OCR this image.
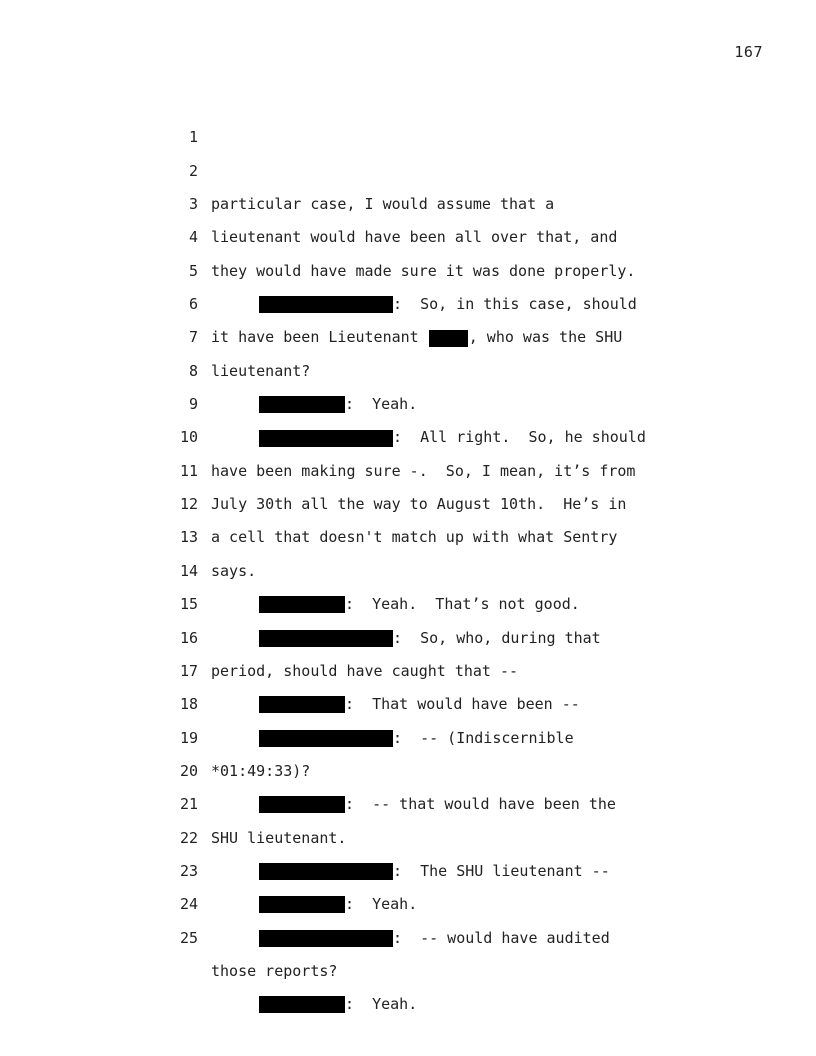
167

1

particular case, I would assume that a

2

lieutenant would have been all over that, and

3

they would have made sure it was done properly.

4

:  So, in this case, should

5

it have been Lieutenant	, who was the SHU

6

lieutenant?

7

:  Yeah.

8

:  All right.  So, he should

9

have been making sure -.  So, I mean, it’s from

10

July 30th all the way to August 10th.  He’s in

11

a cell that doesn't match up with what Sentry

12

says.

13

:  Yeah.  That’s not good.

14

:  So, who, during that

15

period, should have caught that --

16

:  That would have been --

17

:  -- (Indiscernible

18

*01:49:33)?

19

:  -- that would have been the

20

SHU lieutenant.

21

:  The SHU lieutenant --

22

:  Yeah.

23

:  -- would have audited

24

those reports?

25

:  Yeah.
